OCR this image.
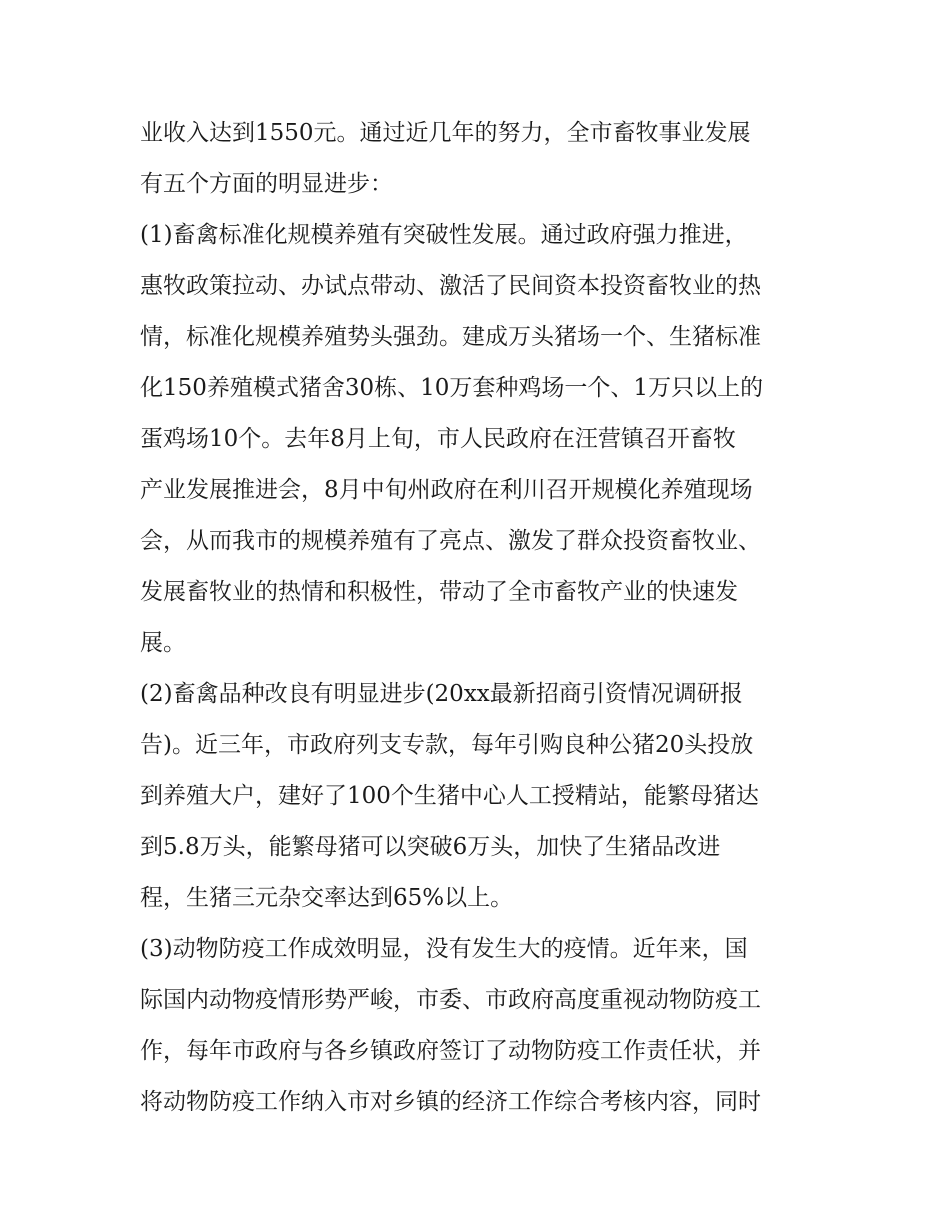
业收入达到1550元。通过近几年的努力，全市畜牧事业发展
有五个方面的明显进步：
(1)畜禽标准化规模养殖有突破性发展。通过政府强力推进，
惠牧政策拉动、办试点带动、激活了民间资本投资畜牧业的热
情，标准化规模养殖势头强劲。建成万头猪场一个、生猪标准
化150养殖模式猪舍30栋、10万套种鸡场一个、1万只以上的
蛋鸡场10个。去年8月上旬，市人民政府在汪营镇召开畜牧
产业发展推进会，8月中旬州政府在利川召开规模化养殖现场
会，从而我市的规模养殖有了亮点、激发了群众投资畜牧业、
发展畜牧业的热情和积极性，带动了全市畜牧产业的快速发
展。
(2)畜禽品种改良有明显进步(20xx最新招商引资情况调研报
告)。近三年，市政府列支专款，每年引购良种公猪20头投放
到养殖大户，建好了100个生猪中心人工授精站，能繁母猪达
到5.8万头，能繁母猪可以突破6万头，加快了生猪品改进
程，生猪三元杂交率达到65%以上。
(3)动物防疫工作成效明显，没有发生大的疫情。近年来，国
际国内动物疫情形势严峻，市委、市政府高度重视动物防疫工
作，每年市政府与各乡镇政府签订了动物防疫工作责任状，并
将动物防疫工作纳入市对乡镇的经济工作综合考核内容，同时
